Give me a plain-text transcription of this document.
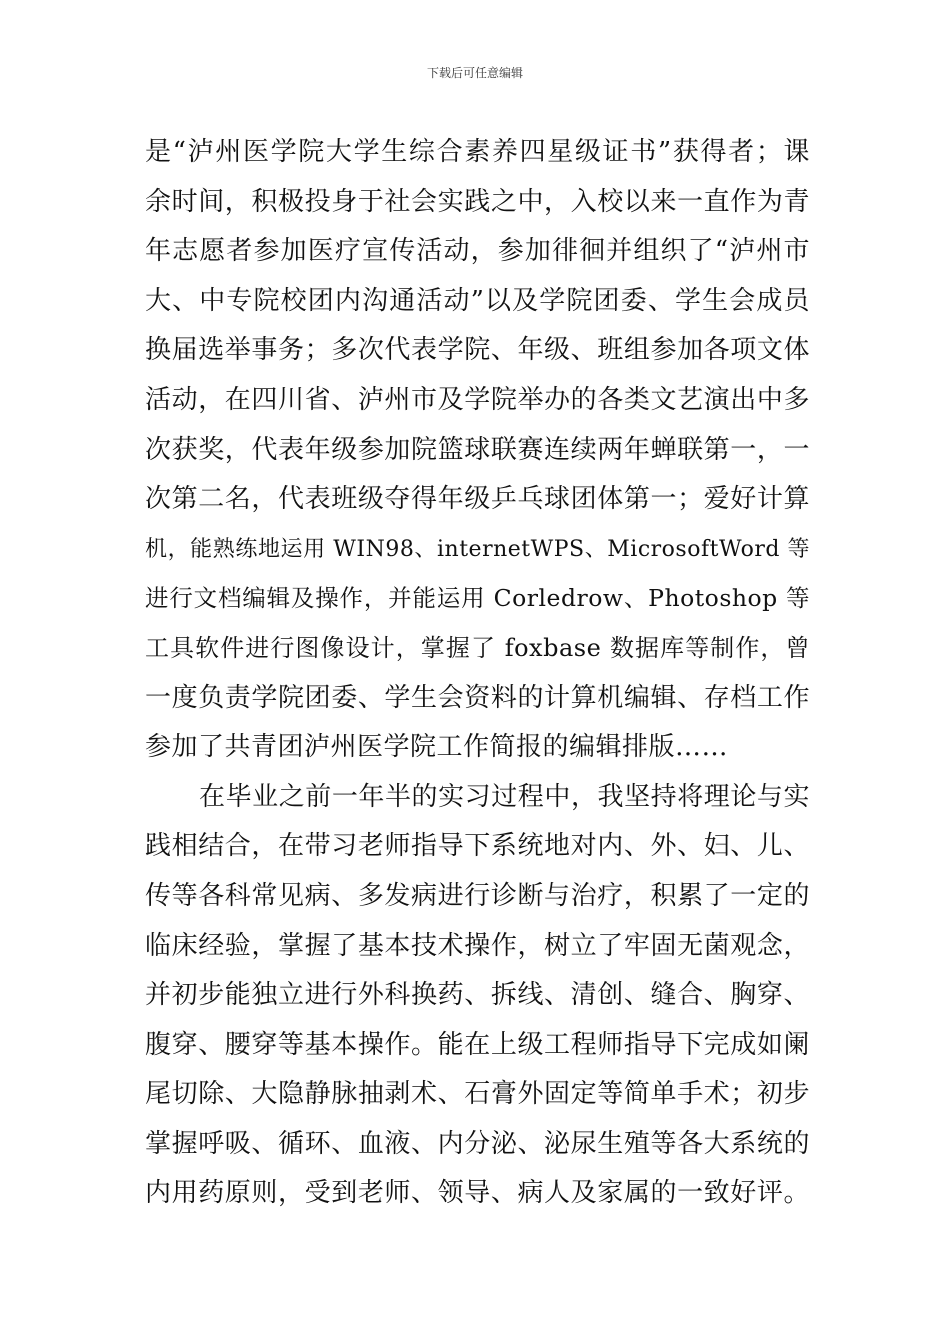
下载后可任意编辑
是“泸州医学院大学生综合素养四星级证书”获得者；课
余时间，积极投身于社会实践之中，入校以来一直作为青
年志愿者参加医疗宣传活动，参加徘徊并组织了“泸州市
大、中专院校团内沟通活动”以及学院团委、学生会成员
换届选举事务；多次代表学院、年级、班组参加各项文体
活动，在四川省、泸州市及学院举办的各类文艺演出中多
次获奖，代表年级参加院篮球联赛连续两年蝉联第一，一
次第二名，代表班级夺得年级乒乓球团体第一；爱好计算
机，能熟练地运用 WIN98、internetWPS、MicrosoftWord 等
进行文档编辑及操作，并能运用 Corledrow、Photoshop 等
工具软件进行图像设计，掌握了 foxbase 数据库等制作，曾
一度负责学院团委、学生会资料的计算机编辑、存档工作
参加了共青团泸州医学院工作简报的编辑排版……
在毕业之前一年半的实习过程中，我坚持将理论与实
践相结合，在带习老师指导下系统地对内、外、妇、儿、
传等各科常见病、多发病进行诊断与治疗，积累了一定的
临床经验，掌握了基本技术操作，树立了牢固无菌观念，
并初步能独立进行外科换药、拆线、清创、缝合、胸穿、
腹穿、腰穿等基本操作。能在上级工程师指导下完成如阑
尾切除、大隐静脉抽剥术、石膏外固定等简单手术；初步
掌握呼吸、循环、血液、内分泌、泌尿生殖等各大系统的
内用药原则，受到老师、领导、病人及家属的一致好评。
